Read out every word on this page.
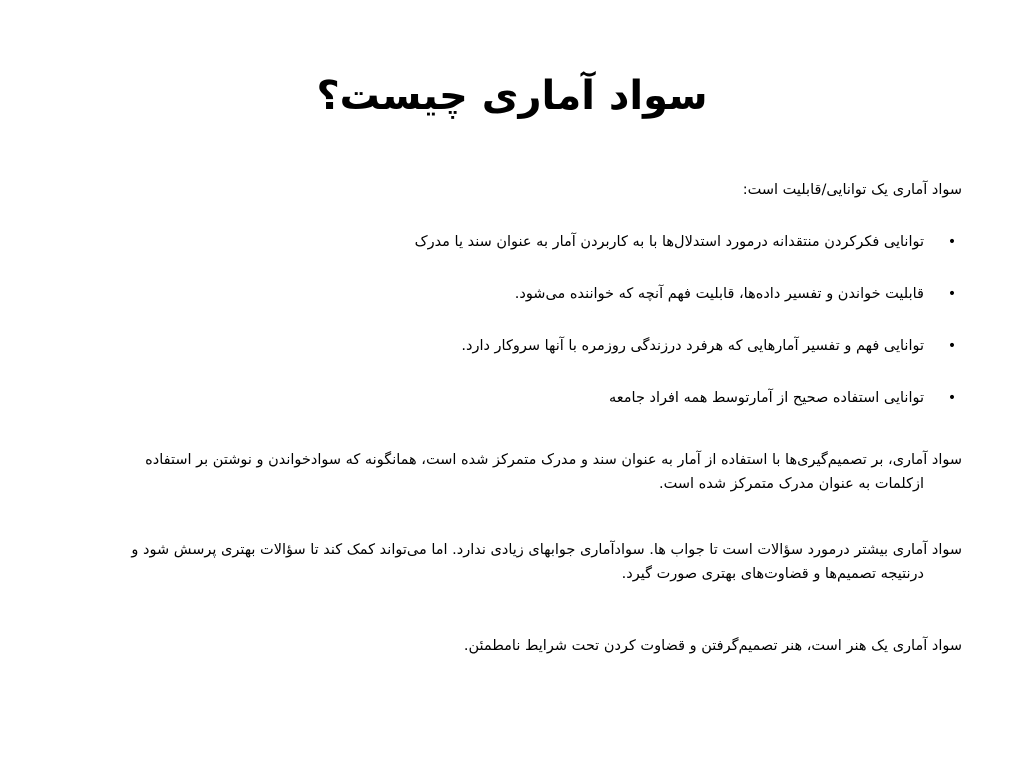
سواد آماری چیست؟

سواد آماری یک توانایی/قابلیت است:

•
توانایی فکرکردن منتقدانه درمورد استدلال‌ها با به کاربردن آمار به عنوان سند یا مدرک
•
قابلیت خواندن و تفسیر داده‌ها، قابلیت فهم آنچه که خواننده می‌شود.
•
توانایی فهم و تفسیر آمارهایی که هرفرد درزندگی روزمره با آنها سروکار دارد.
•
توانایی استفاده صحیح از آمارتوسط همه افراد جامعه

سواد آماری، بر تصمیم‌گیری‌ها با استفاده از آمار به عنوان سند و مدرک متمرکز شده است، همانگونه که سوادخواندن و نوشتن بر استفاده
ازکلمات به عنوان مدرک متمرکز شده است.

سواد آماری بیشتر درمورد سؤالات است تا جواب ها. سوادآماری جوابهای زیادی ندارد. اما می‌تواند کمک کند تا سؤالات بهتری پرسش شود و
درنتیجه تصمیم‌ها و قضاوت‌های بهتری صورت گیرد.

سواد آماری یک هنر است، هنر تصمیم‌گرفتن و قضاوت کردن تحت شرایط نامطمئن.
